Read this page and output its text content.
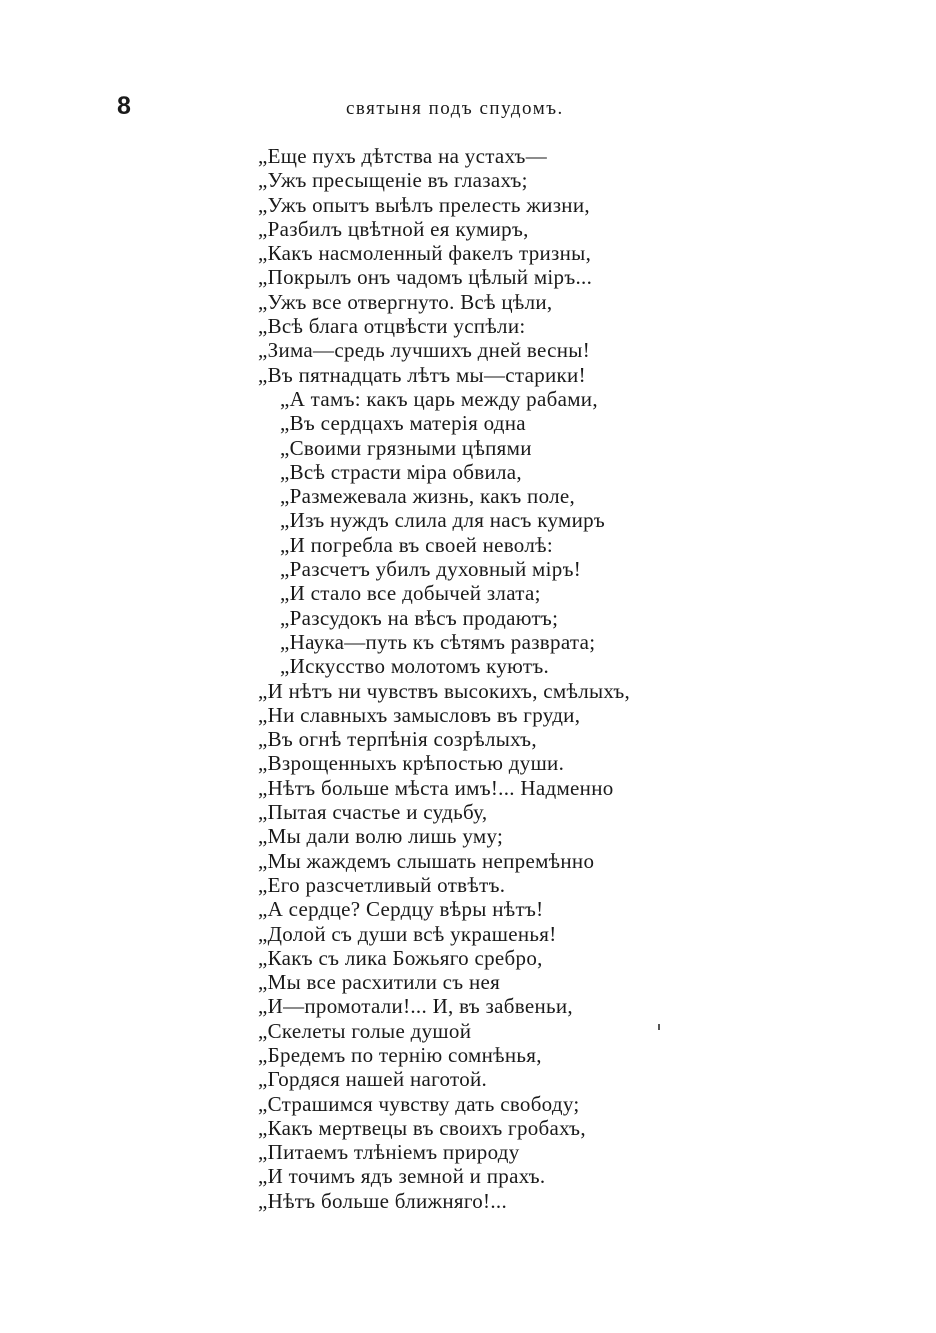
8	святыня подъ спудомъ.
„Еще пухъ дѣтства на устахъ—
„Ужъ пресыщеніе въ глазахъ;
„Ужъ опытъ выѣлъ прелесть жизни,
„Разбилъ цвѣтной ея кумиръ,
„Какъ насмоленный факелъ тризны,
„Покрылъ онъ чадомъ цѣлый міръ...
„Ужъ все отвергнуто. Всѣ цѣли,
„Всѣ блага отцвѣсти успѣли:
„Зима—средь лучшихъ дней весны!
„Въ пятнадцать лѣтъ мы—старики!
„А тамъ: какъ царь между рабами,
„Въ сердцахъ матерія одна
„Своими грязными цѣпями
„Всѣ страсти міра обвила,
„Размежевала жизнь, какъ поле,
„Изъ нуждъ слила для насъ кумиръ
„И погребла въ своей неволѣ:
„Разсчетъ убилъ духовный міръ!
„И стало все добычей злата;
„Разсудокъ на вѣсъ продаютъ;
„Наука—путь къ сѣтямъ разврата;
„Искусство молотомъ куютъ.
„И нѣтъ ни чувствъ высокихъ, смѣлыхъ,
„Ни славныхъ замысловъ въ груди,
„Въ огнѣ терпѣнія созрѣлыхъ,
„Взрощенныхъ крѣпостью души.
„Нѣтъ больше мѣста имъ!... Надменно
„Пытая счастье и судьбу,
„Мы дали волю лишь уму;
„Мы жаждемъ слышать непремѣнно
„Его разсчетливый отвѣтъ.
„А сердце? Сердцу вѣры нѣтъ!
„Долой съ души всѣ украшенья!
„Какъ съ лика Божьяго сребро,
„Мы все расхитили съ нея
„И—промотали!... И, въ забвеньи,
„Скелеты голые душой
„Бредемъ по тернію сомнѣнья,
„Гордяся нашей наготой.
„Страшимся чувству дать свободу;
„Какъ мертвецы въ своихъ гробахъ,
„Питаемъ тлѣніемъ природу
„И точимъ ядъ земной и прахъ.
„Нѣтъ больше ближняго!...
